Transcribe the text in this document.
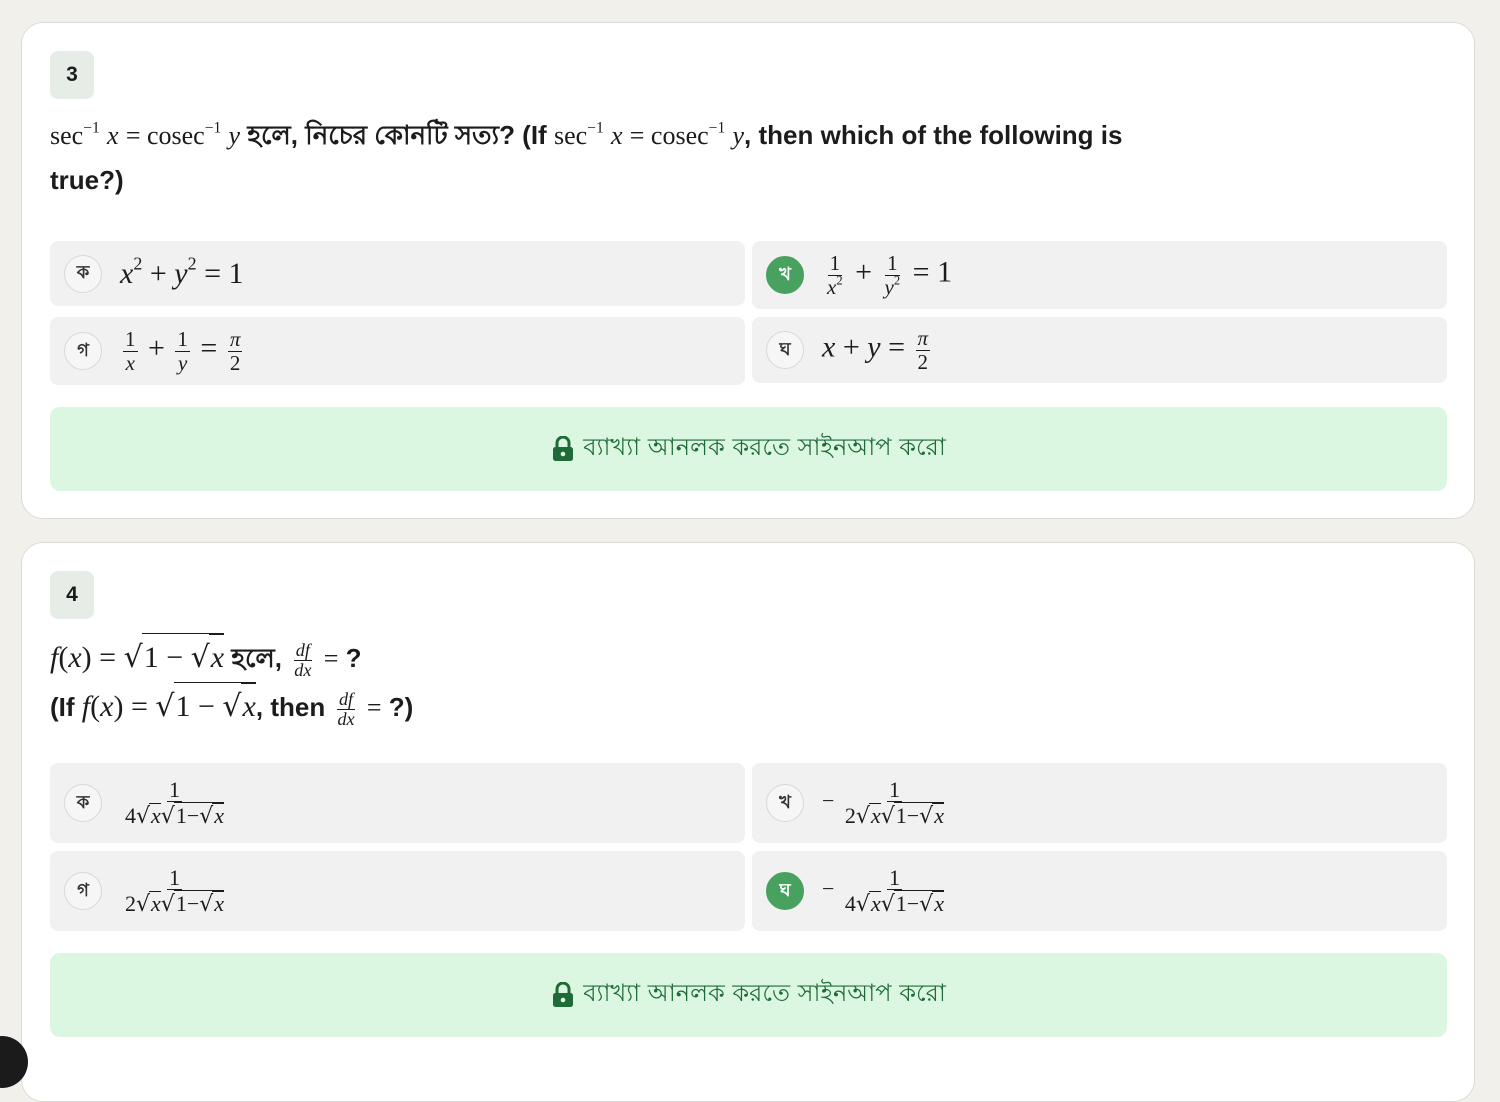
3
$\sec^{-1} x = cosec^{-1}$ y হলে, নিচের কোনটি সত্য? (If $\sec^{-1} x = cosec^{-1}$ y, then which of the following is
true?)
ক	$x^2 + y^2 = 1$	খ	$\frac{1}{x^2} + \frac{1}{y^2} = 1$
গ	$\frac{1}{x} + \frac{1}{y} = \frac{\pi}{2}$	ঘ	$x + y = \frac{\pi}{2}$
ব্যাখ্যা আনলক করতে সাইনআপ করো
4
f(x) = √1 − √x হলে, $\frac{df}{dx}$ = ?
(If f(x) = √1 − √x, then $\frac{df}{dx}$ = ?)
ক	$\frac{1}{4√x√1-√x}$	খ	− $\frac{1}{2√x√1-√x}$
গ	$\frac{1}{2√x√1-√x}$	ঘ	− $\frac{1}{4√x√1-√x}$
ব্যাখ্যা আনলক করতে সাইনআপ করো
